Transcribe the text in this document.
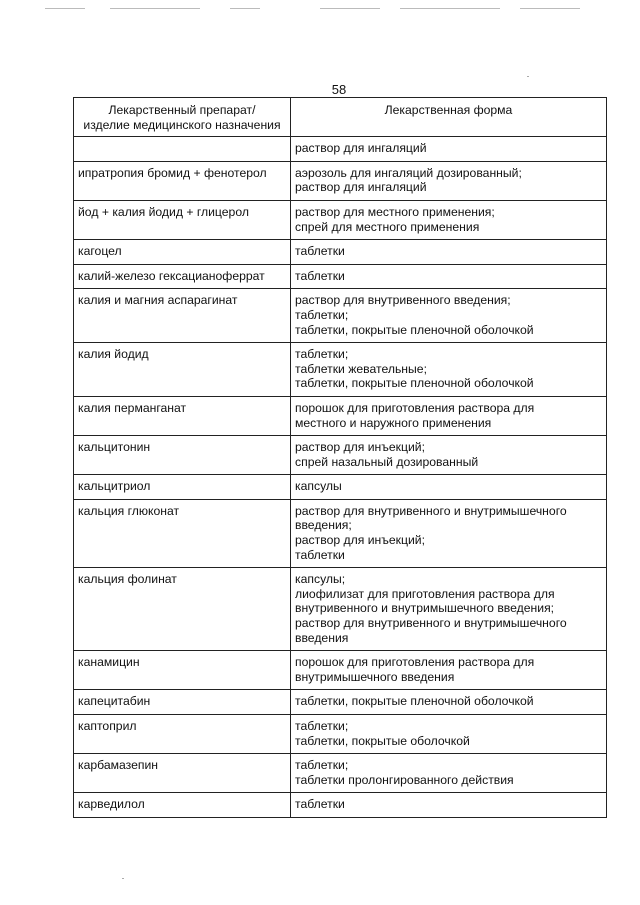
58
Лекарственный препарат/
изделие медицинского назначения	Лекарственная форма

	раствор для ингаляций

ипратропия бромид + фенотерол	аэрозоль для ингаляций дозированный;
раствор для ингаляций

йод + калия йодид + глицерол	раствор для местного применения;
спрей для местного применения

кагоцел	таблетки

калий-железо гексацианоферрат	таблетки

калия и магния аспарагинат	раствор для внутривенного введения;
таблетки;
таблетки, покрытые пленочной оболочкой

калия йодид	таблетки;
таблетки жевательные;
таблетки, покрытые пленочной оболочкой

калия перманганат	порошок для приготовления раствора для
местного и наружного применения

кальцитонин	раствор для инъекций;
спрей назальный дозированный

кальцитриол	капсулы

кальция глюконат	раствор для внутривенного и внутримышечного
введения;
раствор для инъекций;
таблетки

кальция фолинат	капсулы;
лиофилизат для приготовления раствора для
внутривенного и внутримышечного введения;
раствор для внутривенного и внутримышечного
введения

канамицин	порошок для приготовления раствора для
внутримышечного введения

капецитабин	таблетки, покрытые пленочной оболочкой

каптоприл	таблетки;
таблетки, покрытые оболочкой

карбамазепин	таблетки;
таблетки пролонгированного действия

карведилол	таблетки
